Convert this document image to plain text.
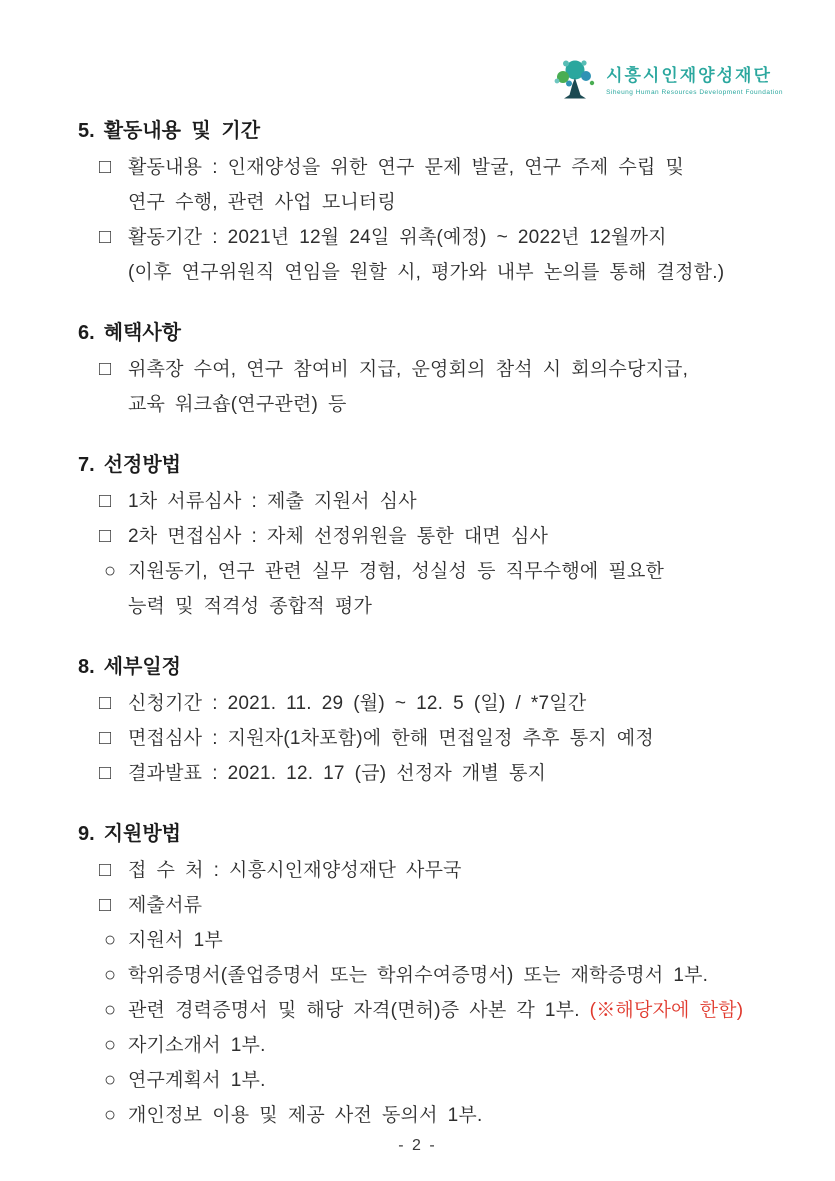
시흥시인재양성재단
Siheung Human Resources Development Foundation
5. 활동내용 및 기간
□ 활동내용 : 인재양성을 위한 연구 문제 발굴, 연구 주제 수립 및
연구 수행, 관련 사업 모니터링
□ 활동기간 : 2021년 12월 24일 위촉(예정) ~ 2022년 12월까지
(이후 연구위원직 연임을 원할 시, 평가와 내부 논의를 통해 결정함.)
6. 혜택사항
□ 위촉장 수여, 연구 참여비 지급, 운영회의 참석 시 회의수당지급,
교육 워크숍(연구관련) 등
7. 선정방법
□ 1차 서류심사 : 제출 지원서 심사
□ 2차 면접심사 : 자체 선정위원을 통한 대면 심사
○ 지원동기, 연구 관련 실무 경험, 성실성 등 직무수행에 필요한
능력 및 적격성 종합적 평가
8. 세부일정
□ 신청기간 : 2021. 11. 29 (월) ~ 12. 5 (일) / *7일간
□ 면접심사 : 지원자(1차포함)에 한해 면접일정 추후 통지 예정
□ 결과발표 : 2021. 12. 17 (금) 선정자 개별 통지
9. 지원방법
□ 접 수 처 : 시흥시인재양성재단 사무국
□ 제출서류
○ 지원서 1부
○ 학위증명서(졸업증명서 또는 학위수여증명서) 또는 재학증명서 1부.
○ 관련 경력증명서 및 해당 자격(면허)증 사본 각 1부. (※해당자에 한함)
○ 자기소개서 1부.
○ 연구계획서 1부.
○ 개인정보 이용 및 제공 사전 동의서 1부.
- 2 -
